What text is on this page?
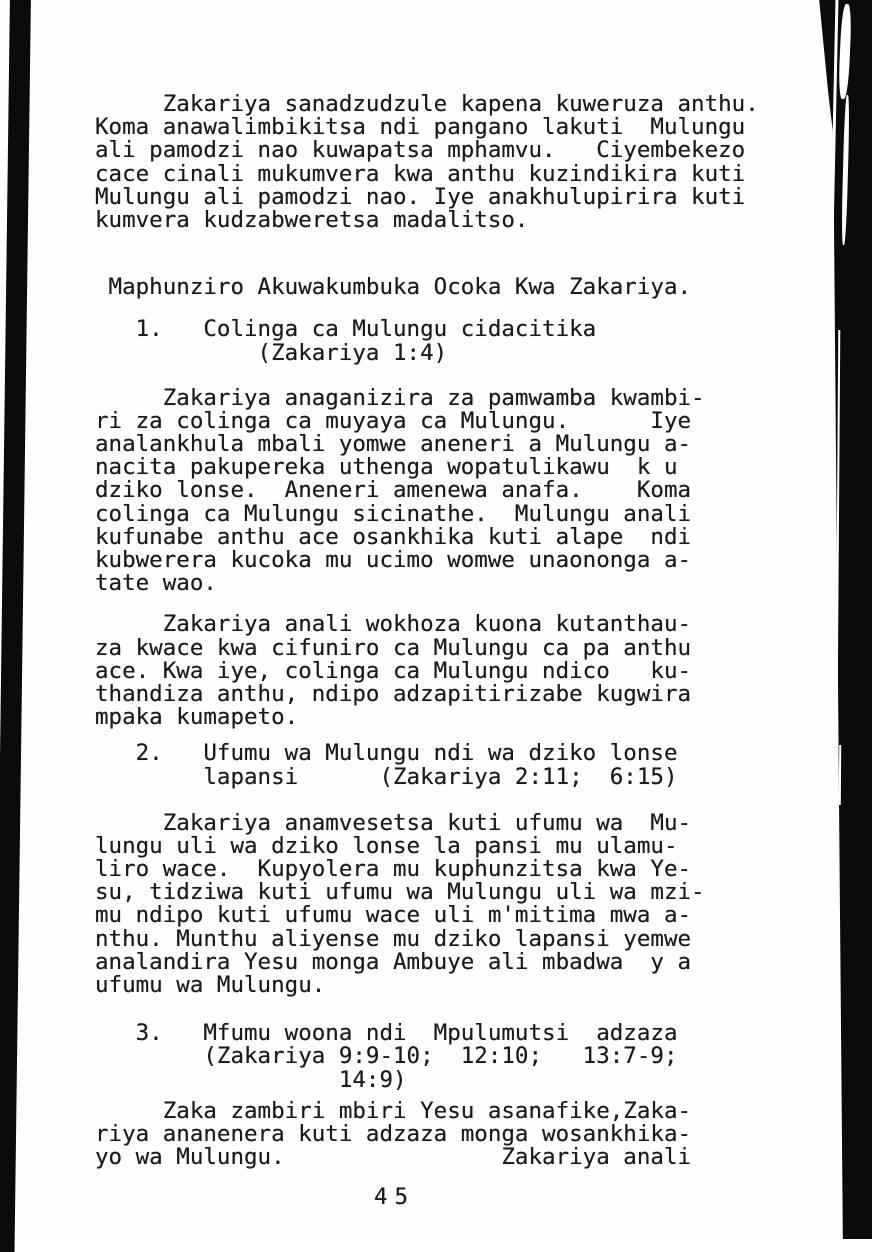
Zakariya sanadzudzule kapena kuweruza anthu.
Koma anawalimbikitsa ndi pangano lakuti  Mulungu
ali pamodzi nao kuwapatsa mphamvu.   Ciyembekezo
cace cinali mukumvera kwa anthu kuzindikira kuti
Mulungu ali pamodzi nao. Iye anakhulupirira kuti
kumvera kudzabweretsa madalitso.
Maphunziro Akuwakumbuka Ocoka Kwa Zakariya.
1.   Colinga ca Mulungu cidacitika
(Zakariya 1:4)
Zakariya anaganizira za pamwamba kwambi-
ri za colinga ca muyaya ca Mulungu.      Iye
analankhula mbali yomwe aneneri a Mulungu a-
nacita pakupereka uthenga wopatulikawu  k u
dziko lonse.  Aneneri amenewa anafa.    Koma
colinga ca Mulungu sicinathe.  Mulungu anali
kufunabe anthu ace osankhika kuti alape  ndi
kubwerera kucoka mu ucimo womwe unaononga a-
tate wao.
Zakariya anali wokhoza kuona kutanthau-
za kwace kwa cifuniro ca Mulungu ca pa anthu
ace. Kwa iye, colinga ca Mulungu ndico   ku-
thandiza anthu, ndipo adzapitirizabe kugwira
mpaka kumapeto.
2.   Ufumu wa Mulungu ndi wa dziko lonse
lapansi      (Zakariya 2:11;  6:15)
Zakariya anamvesetsa kuti ufumu wa  Mu-
lungu uli wa dziko lonse la pansi mu ulamu-
liro wace.  Kupyolera mu kuphunzitsa kwa Ye-
su, tidziwa kuti ufumu wa Mulungu uli wa mzi-
mu ndipo kuti ufumu wace uli m'mitima mwa a-
nthu. Munthu aliyense mu dziko lapansi yemwe
analandira Yesu monga Ambuye ali mbadwa  y a
ufumu wa Mulungu.
3.   Mfumu woona ndi  Mpulumutsi  adzaza
(Zakariya 9:9-10;  12:10;   13:7-9;
14:9)
Zaka zambiri mbiri Yesu asanafike,Zaka-
riya ananenera kuti adzaza monga wosankhika-
yo wa Mulungu.                Zakariya anali
45
